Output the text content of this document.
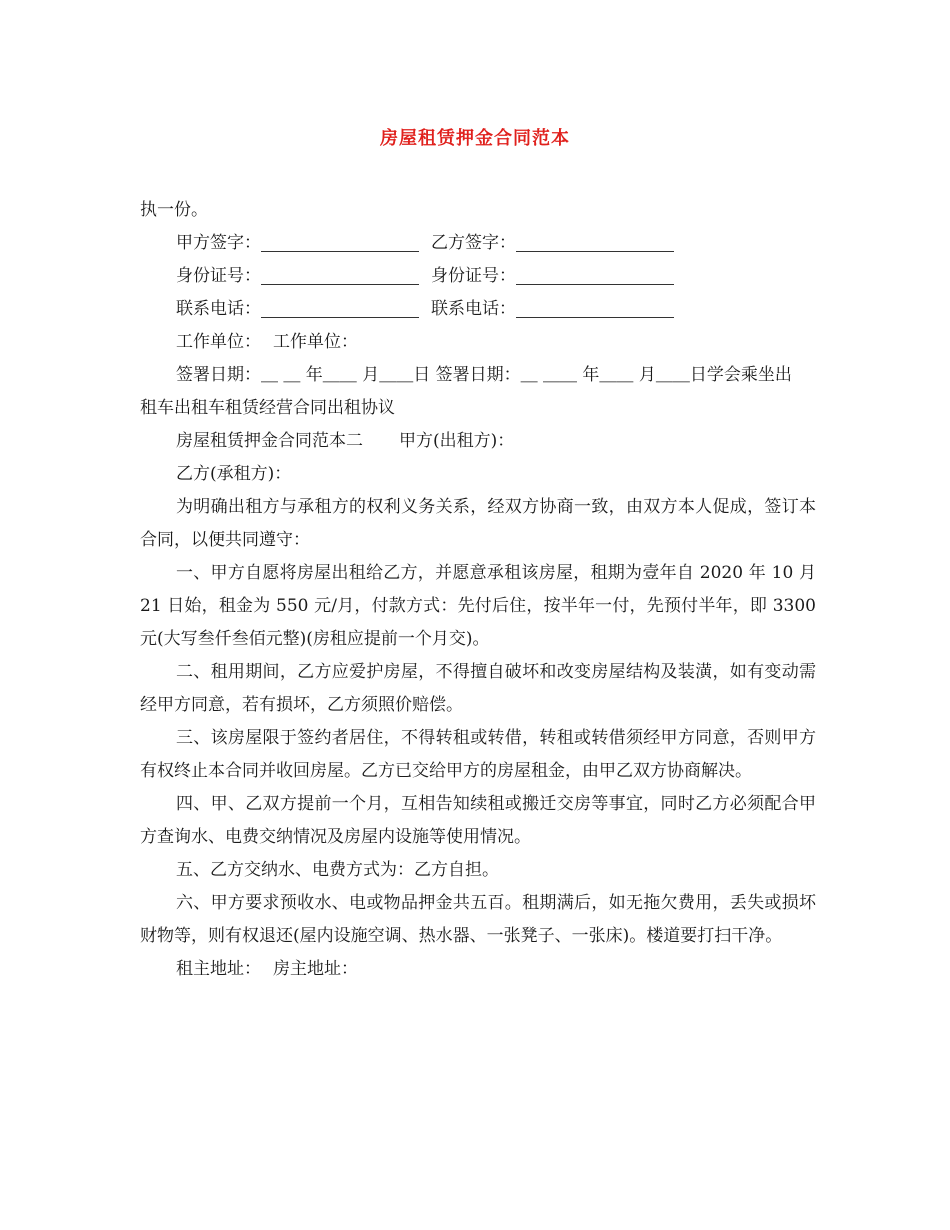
房屋租赁押金合同范本
执一份。
甲方签字：	乙方签字：
身份证号：	身份证号：
联系电话：	联系电话：
工作单位： 工作单位：
签署日期：＿ ＿ 年＿＿ 月＿＿日 签署日期：＿ ＿＿ 年＿＿ 月＿＿日学会乘坐出
租车出租车租赁经营合同出租协议
房屋租赁押金合同范本二 甲方(出租方)：
乙方(承租方)：
为明确出租方与承租方的权利义务关系，经双方协商一致，由双方本人促成，签订本合同，以便共同遵守：
一、甲方自愿将房屋出租给乙方，并愿意承租该房屋，租期为壹年自 2020 年 10 月 21 日始，租金为 550 元/月，付款方式：先付后住，按半年一付，先预付半年，即 3300 元(大写叁仟叁佰元整)(房租应提前一个月交)。
二、租用期间，乙方应爱护房屋，不得擅自破坏和改变房屋结构及装潢，如有变动需经甲方同意，若有损坏，乙方须照价赔偿。
三、该房屋限于签约者居住，不得转租或转借，转租或转借须经甲方同意，否则甲方有权终止本合同并收回房屋。乙方已交给甲方的房屋租金，由甲乙双方协商解决。
四、甲、乙双方提前一个月，互相告知续租或搬迁交房等事宜，同时乙方必须配合甲方查询水、电费交纳情况及房屋内设施等使用情况。
五、乙方交纳水、电费方式为：乙方自担。
六、甲方要求预收水、电或物品押金共五百。租期满后，如无拖欠费用，丢失或损坏财物等，则有权退还(屋内设施空调、热水器、一张凳子、一张床)。楼道要打扫干净。
租主地址： 房主地址：
